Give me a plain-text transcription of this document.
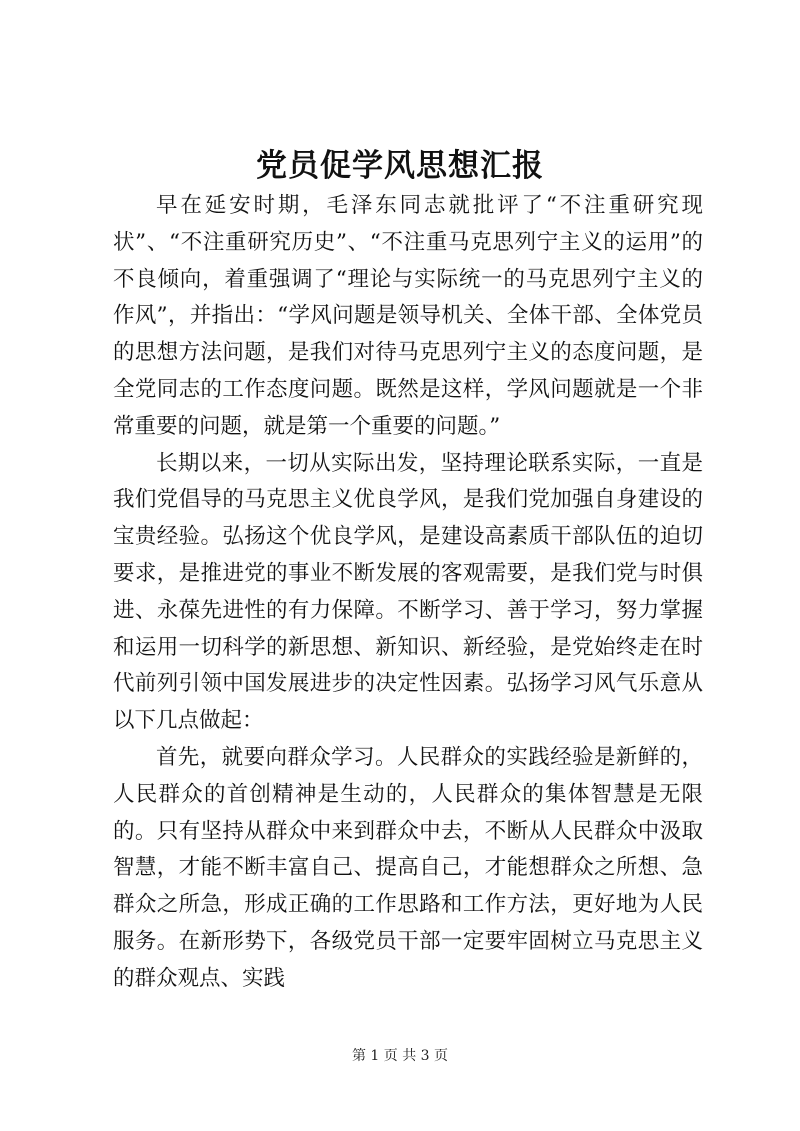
党员促学风思想汇报

早在延安时期，毛泽东同志就批评了“不注重研究现状”、“不注重研究历史”、“不注重马克思列宁主义的运用”的不良倾向，着重强调了“理论与实际统一的马克思列宁主义的作风”，并指出：“学风问题是领导机关、全体干部、全体党员的思想方法问题，是我们对待马克思列宁主义的态度问题，是全党同志的工作态度问题。既然是这样，学风问题就是一个非常重要的问题，就是第一个重要的问题。”

长期以来，一切从实际出发，坚持理论联系实际，一直是我们党倡导的马克思主义优良学风，是我们党加强自身建设的宝贵经验。弘扬这个优良学风，是建设高素质干部队伍的迫切要求，是推进党的事业不断发展的客观需要，是我们党与时俱进、永葆先进性的有力保障。不断学习、善于学习，努力掌握和运用一切科学的新思想、新知识、新经验，是党始终走在时代前列引领中国发展进步的决定性因素。弘扬学习风气乐意从以下几点做起：

首先，就要向群众学习。人民群众的实践经验是新鲜的，人民群众的首创精神是生动的，人民群众的集体智慧是无限的。只有坚持从群众中来到群众中去，不断从人民群众中汲取智慧，才能不断丰富自己、提高自己，才能想群众之所想、急群众之所急，形成正确的工作思路和工作方法，更好地为人民服务。在新形势下，各级党员干部一定要牢固树立马克思主义的群众观点、实践

第 1 页 共 3 页
